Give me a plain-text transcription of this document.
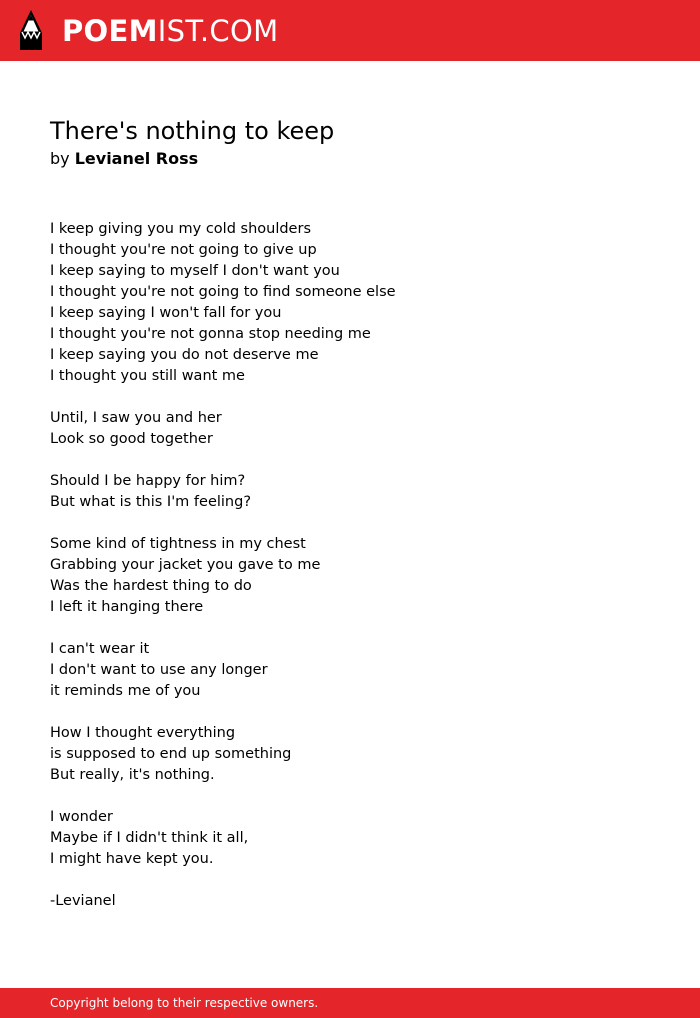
POEMIST.COM
There's nothing to keep
by Levianel Ross
I keep giving you my cold shoulders
I thought you're not going to give up
I keep saying to myself I don't want you
I thought you're not going to find someone else
I keep saying I won't fall for you
I thought you're not gonna stop needing me
I keep saying you do not deserve me
I thought you still want me
Until, I saw you and her
Look so good together
Should I be happy for him?
But what is this I'm feeling?
Some kind of tightness in my chest
Grabbing your jacket you gave to me
Was the hardest thing to do
I left it hanging there
I can't wear it
I don't want to use any longer
it reminds me of you
How I thought everything
is supposed to end up something
But really, it's nothing.
I wonder
Maybe if I didn't think it all,
I might have kept you.
-Levianel
Copyright belong to their respective owners.
